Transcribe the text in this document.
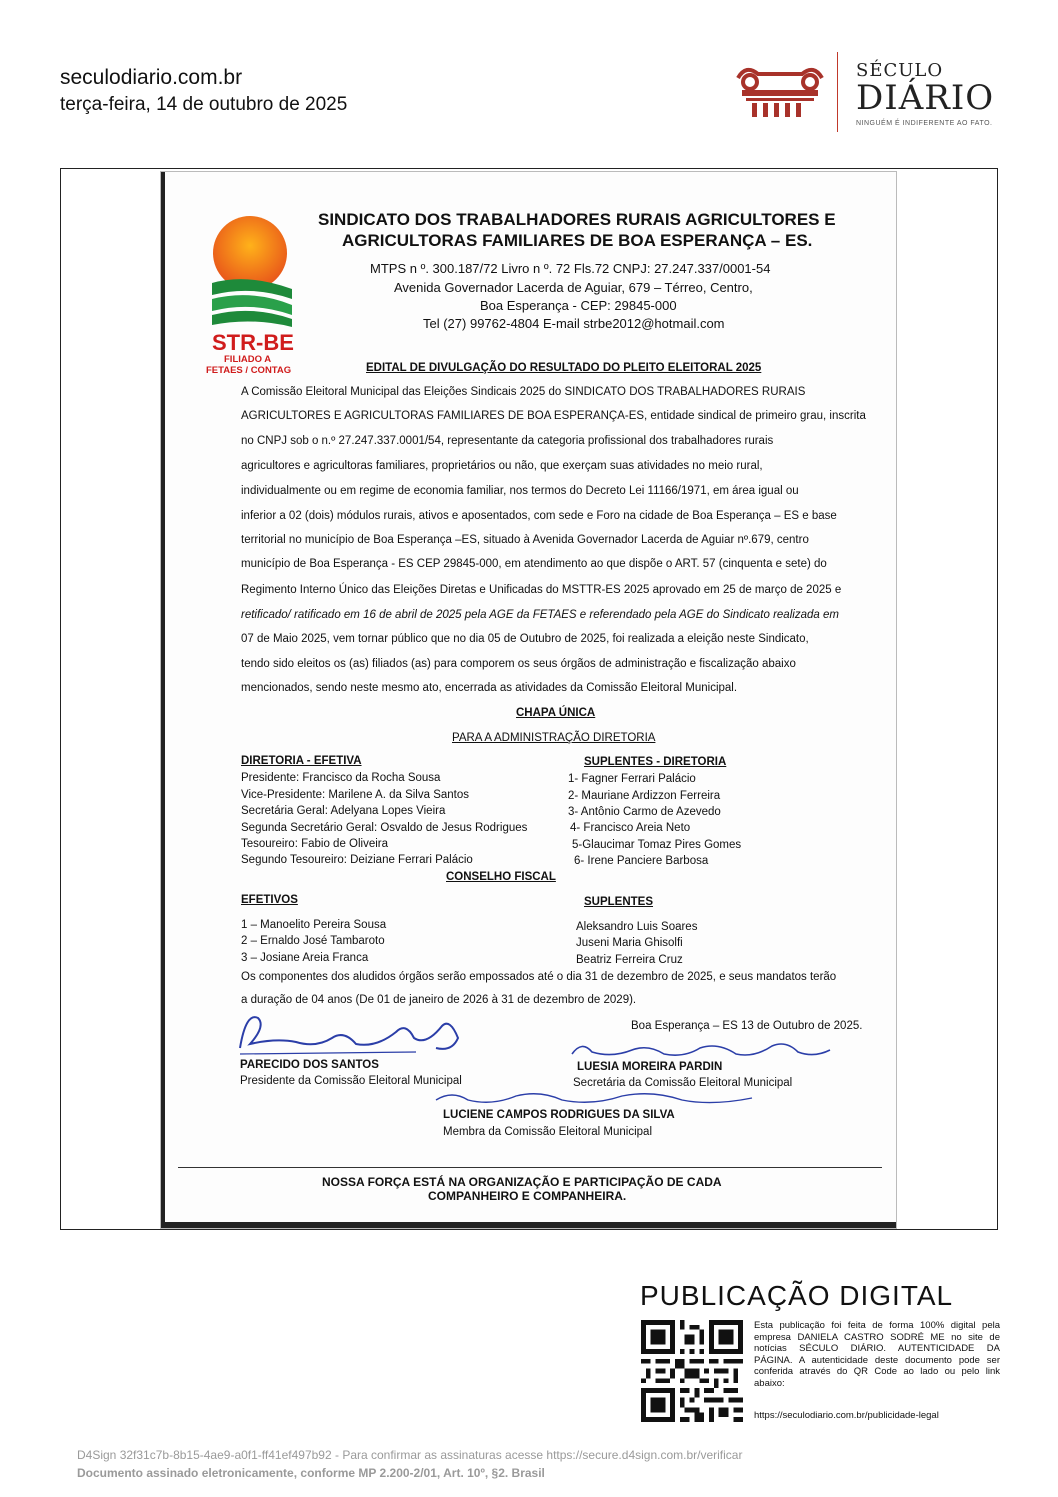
seculodiario.com.br
terça-feira, 14 de outubro de 2025
SÉCULO
DIÁRIO
NINGUÉM É INDIFERENTE AO FATO.
STR-BE
FILIADO A
FETAES / CONTAG
SINDICATO DOS TRABALHADORES RURAIS AGRICULTORES E
AGRICULTORAS FAMILIARES DE BOA ESPERANÇA – ES.
MTPS n º. 300.187/72 Livro n º. 72 Fls.72 CNPJ: 27.247.337/0001-54
Avenida Governador Lacerda de Aguiar, 679 – Térreo, Centro,
Boa Esperança - CEP: 29845-000
Tel (27) 99762-4804 E-mail strbe2012@hotmail.com
EDITAL DE DIVULGAÇÃO DO RESULTADO DO PLEITO ELEITORAL 2025
A Comissão Eleitoral Municipal das Eleições Sindicais 2025 do SINDICATO DOS TRABALHADORES RURAIS
AGRICULTORES E AGRICULTORAS FAMILIARES DE BOA ESPERANÇA-ES, entidade sindical de primeiro grau, inscrita
no CNPJ sob o n.º 27.247.337.0001/54, representante da categoria profissional dos trabalhadores rurais
agricultores e agricultoras familiares, proprietários ou não, que exerçam suas atividades no meio rural,
individualmente ou em regime de economia familiar, nos termos do Decreto Lei 11166/1971, em área igual ou
inferior a 02 (dois) módulos rurais, ativos e aposentados, com sede e Foro na cidade de Boa Esperança – ES e base
territorial no município de Boa Esperança –ES, situado à Avenida Governador Lacerda de Aguiar nº.679, centro
município de Boa Esperança - ES CEP 29845-000, em atendimento ao que dispõe o ART. 57 (cinquenta e sete) do
Regimento Interno Único das Eleições Diretas e Unificadas do MSTTR-ES 2025 aprovado em 25 de março de 2025 e
retificado/ ratificado em 16 de abril de 2025 pela AGE da FETAES e referendado pela AGE do Sindicato realizada em
07 de Maio 2025, vem tornar público que no dia 05 de Outubro de 2025, foi realizada a eleição neste Sindicato,
tendo sido eleitos os (as) filiados (as) para comporem os seus órgãos de administração e fiscalização abaixo
mencionados, sendo neste mesmo ato, encerrada as atividades da Comissão Eleitoral Municipal.
CHAPA ÚNICA
PARA A ADMINISTRAÇÃO DIRETORIA
DIRETORIA - EFETIVA
Presidente: Francisco da Rocha Sousa
Vice-Presidente: Marilene A. da Silva Santos
Secretária Geral: Adelyana Lopes Vieira
Segunda Secretário Geral: Osvaldo de Jesus Rodrigues
Tesoureiro: Fabio de Oliveira
Segundo Tesoureiro: Deiziane Ferrari Palácio
SUPLENTES - DIRETORIA
1- Fagner Ferrari Palácio
2- Mauriane Ardizzon Ferreira
3- Antônio Carmo de Azevedo
4- Francisco Areia Neto
5-Glaucimar Tomaz Pires Gomes
6- Irene Panciere Barbosa
CONSELHO FISCAL
EFETIVOS
1 – Manoelito Pereira Sousa
2 – Ernaldo José Tambaroto
3 – Josiane Areia Franca
SUPLENTES
Aleksandro Luis Soares
Juseni Maria Ghisolfi
Beatriz Ferreira Cruz
Os componentes dos aludidos órgãos serão empossados até o dia 31 de dezembro de 2025, e seus mandatos terão
a duração de 04 anos (De 01 de janeiro de 2026 à 31 de dezembro de 2029).
Boa Esperança – ES 13 de Outubro de 2025.
PARECIDO DOS SANTOS
Presidente da Comissão Eleitoral Municipal
LUESIA MOREIRA PARDIN
Secretária da Comissão Eleitoral Municipal
LUCIENE CAMPOS RODRIGUES DA SILVA
Membra da Comissão Eleitoral Municipal
NOSSA FORÇA ESTÁ NA ORGANIZAÇÃO E PARTICIPAÇÃO DE CADA
COMPANHEIRO E COMPANHEIRA.
PUBLICAÇÃO DIGITAL
Esta publicação foi feita de forma 100% digital pela empresa DANIELA CASTRO SODRÉ ME no site de notícias SÉCULO DIÁRIO. AUTENTICIDADE DA PÁGINA. A autenticidade deste documento pode ser conferida através do QR Code ao lado ou pelo link abaixo:
https://seculodiario.com.br/publicidade-legal
D4Sign 32f31c7b-8b15-4ae9-a0f1-ff41ef497b92 - Para confirmar as assinaturas acesse https://secure.d4sign.com.br/verificar
Documento assinado eletronicamente, conforme MP 2.200-2/01, Art. 10º, §2. Brasil
